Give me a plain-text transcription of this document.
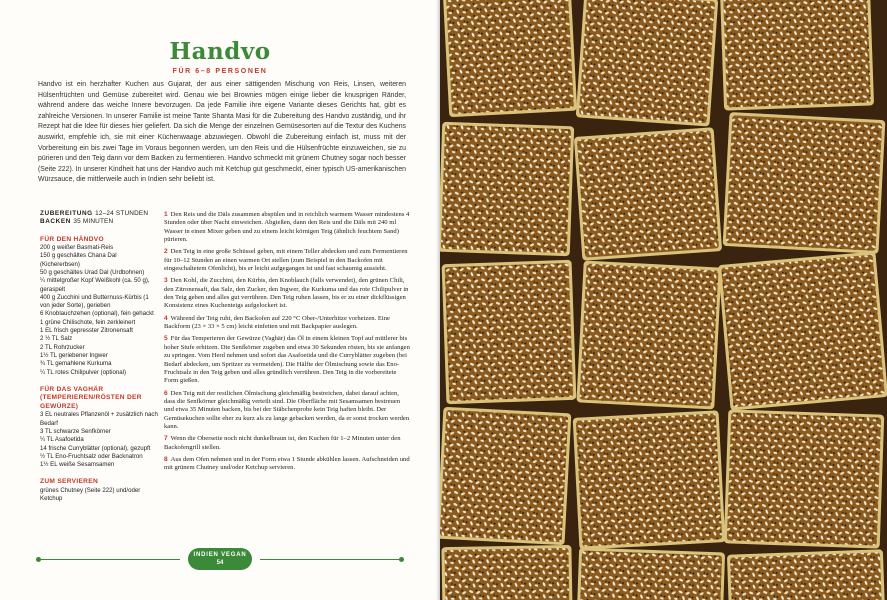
Handvo
FÜR 6–8 PERSONEN

Handvo ist ein herzhafter Kuchen aus Gujarat, der aus einer sättigenden Mischung von Reis, Linsen, weiteren Hülsenfrüchten und Gemüse zubereitet wird. Genau wie bei Brownies mögen einige lieber die knusprigen Ränder, während andere das weiche Innere bevorzugen. Da jede Familie ihre eigene Variante dieses Gerichts hat, gibt es zahlreiche Versionen. In unserer Familie ist meine Tante Shanta Masi für die Zubereitung des Handvo zuständig, und ihr Rezept hat die Idee für dieses hier geliefert. Da sich die Menge der einzelnen Gemüsesorten auf die Textur des Kuchens auswirkt, empfehle ich, sie mit einer Küchenwaage abzuwiegen. Obwohl die Zubereitung einfach ist, muss mit der Vorbereitung ein bis zwei Tage im Voraus begonnen werden, um den Reis und die Hülsenfrüchte einzuweichen, sie zu pürieren und den Teig dann vor dem Backen zu fermentieren. Handvo schmeckt mit grünem Chutney sogar noch besser (Seite 222). In unserer Kindheit hat uns der Handvo auch mit Ketchup gut geschmeckt, einer typisch US-amerikanischen Würzsauce, die mittlerweile auch in Indien sehr beliebt ist.

ZUBEREITUNG 12–24 STUNDEN
BACKEN 35 MINUTEN
FÜR DEN HÄNDVO

200 g weißer Basmati-Reis

150 g geschältes Chana Dal (Kichererbsen)

50 g geschältes Urad Dal (Urdbohnen)

¼ mittelgroßer Kopf Weißkohl (ca. 50 g), geraspelt

400 g Zucchini und Butternuss-Kürbis (1 von jeder Sorte), gerieben

6 Knoblauchzehen (optional), fein gehackt

1 grüne Chilischote, fein zerkleinert

1 EL frisch gepresster Zitronensaft

2 ½ TL Salz

2 TL Rohrzucker

1½ TL geriebener Ingwer

¾ TL gemahlene Kurkuma

¼ TL rotes Chilipulver (optional)

FÜR DAS VAGHÄR (TEMPERIEREN/RÖSTEN DER GEWÜRZE)

3 EL neutrales Pflanzenöl + zusätzlich nach Bedarf

3 TL schwarze Senfkörner

¼ TL Asafoetida

14 frische Curryblätter (optional), gezupft

½ TL Eno-Fruchtsalz oder Backnatron

1½ EL weiße Sesamsamen

ZUM SERVIEREN

grünes Chutney (Seite 222) und/oder Ketchup

1 Den Reis und die Däls zusammen abspülen und in reichlich warmem Wasser mindestens 4 Stunden oder über Nacht einweichen. Abgießen, dann den Reis und die Däls mit 240 ml Wasser in einen Mixer geben und zu einem leicht körnigen Teig (ähnlich feuchtem Sand) pürieren.

2 Den Teig in eine große Schüssel geben, mit einem Teller abdecken und zum Fermentieren für 10–12 Stunden an einen warmen Ort stellen (zum Beispiel in den Backofen mit eingeschaltetem Ofenlicht), bis er leicht aufgegangen ist und fast schaumig aussieht.

3 Den Kohl, die Zucchini, den Kürbis, den Knoblauch (falls verwendet), den grünen Chili, den Zitronensaft, das Salz, den Zucker, den Ingwer, die Kurkuma und das rote Chilipulver in den Teig geben und alles gut verrühren. Den Teig ruhen lassen, bis er zu einer dickflüssigen Konsistenz eines Kuchenteigs aufgelockert ist.

4 Während der Teig ruht, den Backofen auf 220 °C Ober-/Unterhitze vorheizen. Eine Backform (23 × 33 × 5 cm) leicht einfetten und mit Backpapier auslegen.

5 Für das Temperieren der Gewürze (Vaghär) das Öl in einem kleinen Topf auf mittlerer bis hoher Stufe erhitzen. Die Senfkörner zugeben und etwa 30 Sekunden rösten, bis sie anfangen zu springen. Vom Herd nehmen und sofort das Asafoetida und die Curryblätter zugeben (bei Bedarf abdecken, um Spritzer zu vermeiden). Die Hälfte der Ölmischung sowie das Eno-Fruchtsalz in den Teig geben und alles gründlich verrühren. Den Teig in die vorbereitete Form gießen.

6 Den Teig mit der restlichen Ölmischung gleichmäßig bestreichen, dabei darauf achten, dass die Senfkörner gleichmäßig verteilt sind. Die Oberfläche mit Sesamsamen bestreuen und etwa 35 Minuten backen, bis bei der Stäbchenprobe kein Teig haften bleibt. Der Gemüsekuchen sollte eher zu kurz als zu lange gebacken werden, da er sonst trocken werden kann.

7 Wenn die Oberseite noch nicht dunkelbraun ist, den Kuchen für 1–2 Minuten unter den Backofengrill stellen.

8 Aus dem Ofen nehmen und in der Form etwa 1 Stunde abkühlen lassen. Aufschneiden und mit grünem Chutney und/oder Ketchup servieren.

INDIEN VEGAN
54
